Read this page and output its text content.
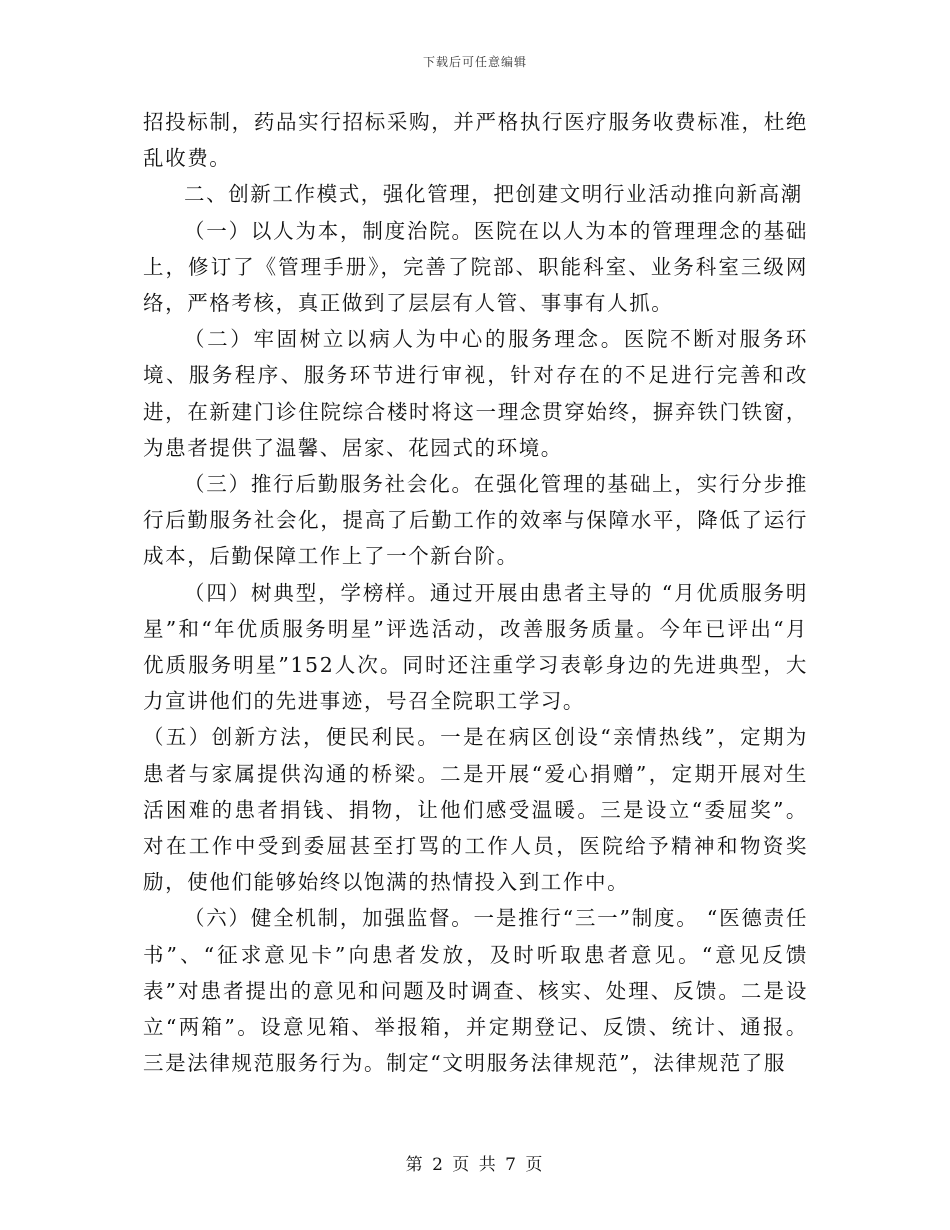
下载后可任意编辑

招投标制，药品实行招标采购，并严格执行医疗服务收费标准，杜绝乱收费。

二、创新工作模式，强化管理，把创建文明行业活动推向新高潮

（一）以人为本，制度治院。医院在以人为本的管理理念的基础上，修订了《管理手册》，完善了院部、职能科室、业务科室三级网络，严格考核，真正做到了层层有人管、事事有人抓。

（二）牢固树立以病人为中心的服务理念。医院不断对服务环境、服务程序、服务环节进行审视，针对存在的不足进行完善和改进，在新建门诊住院综合楼时将这一理念贯穿始终，摒弃铁门铁窗，为患者提供了温馨、居家、花园式的环境。

（三）推行后勤服务社会化。在强化管理的基础上，实行分步推行后勤服务社会化，提高了后勤工作的效率与保障水平，降低了运行成本，后勤保障工作上了一个新台阶。

（四）树典型，学榜样。通过开展由患者主导的 “月优质服务明星”和“年优质服务明星”评选活动，改善服务质量。今年已评出“月优质服务明星”152人次。同时还注重学习表彰身边的先进典型，大力宣讲他们的先进事迹，号召全院职工学习。

（五）创新方法，便民利民。一是在病区创设“亲情热线”，定期为患者与家属提供沟通的桥梁。二是开展“爱心捐赠”，定期开展对生活困难的患者捐钱、捐物，让他们感受温暖。三是设立“委屈奖”。对在工作中受到委屈甚至打骂的工作人员，医院给予精神和物资奖励，使他们能够始终以饱满的热情投入到工作中。

（六）健全机制，加强监督。一是推行“三一”制度。 “医德责任书”、“征求意见卡”向患者发放，及时听取患者意见。“意见反馈表”对患者提出的意见和问题及时调查、核实、处理、反馈。二是设立“两箱”。设意见箱、举报箱，并定期登记、反馈、统计、通报。三是法律规范服务行为。制定“文明服务法律规范”，法律规范了服

第 2 页 共 7 页
